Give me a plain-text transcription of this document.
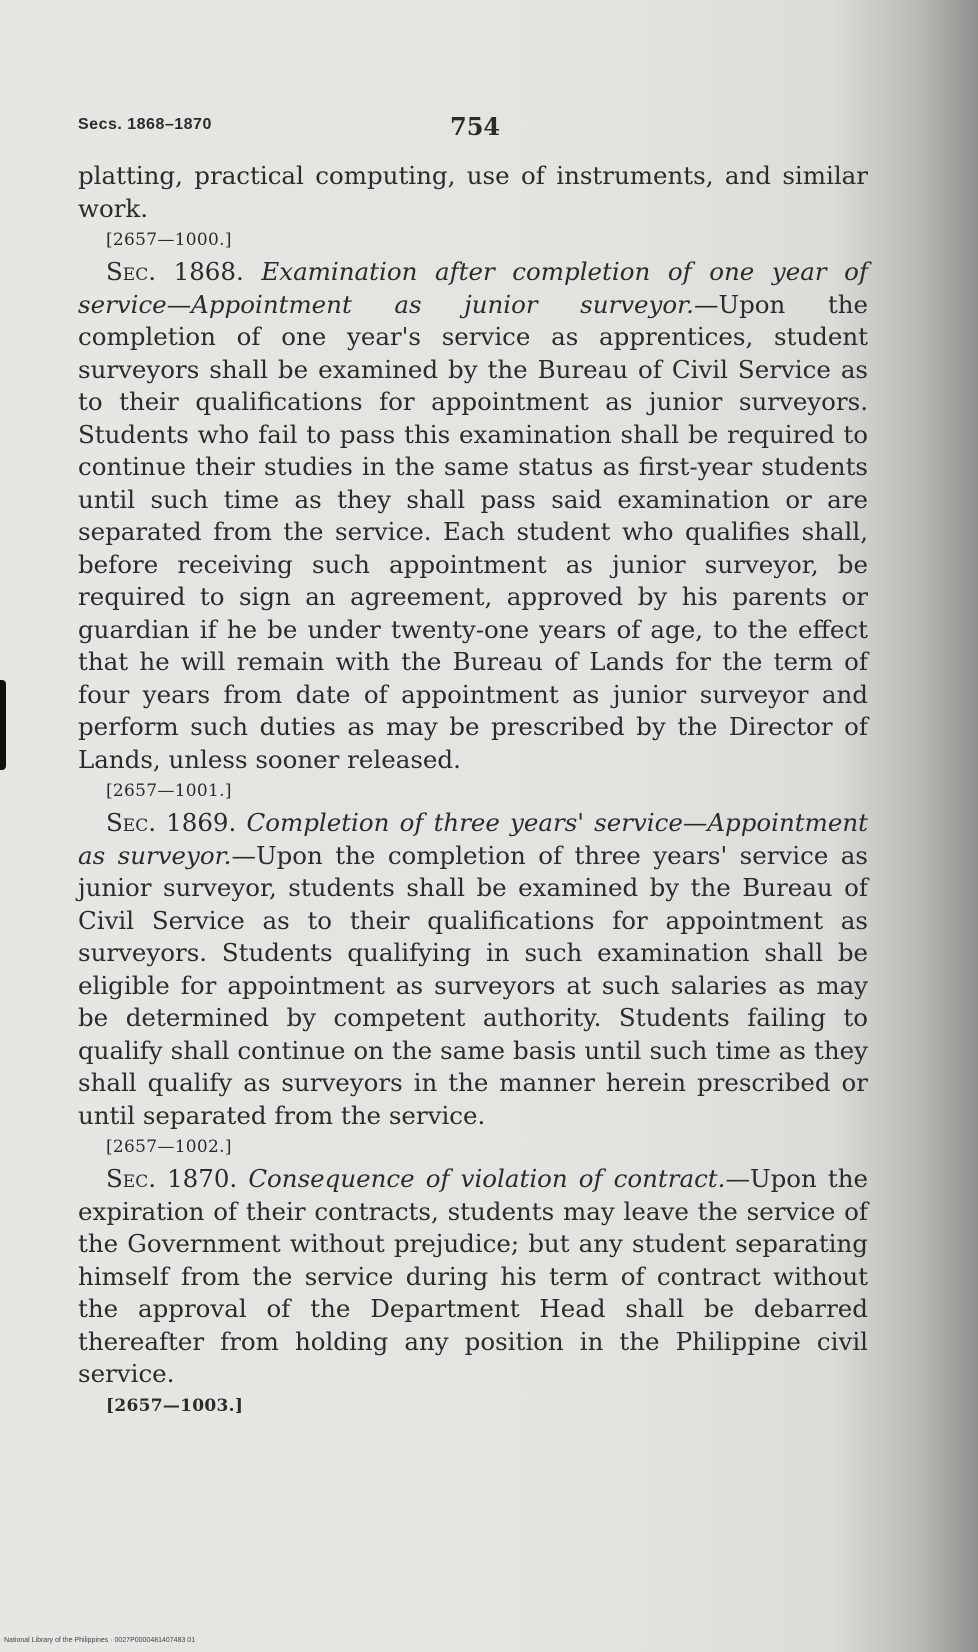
Secs. 1868–1870	754

platting, practical computing, use of instruments, and similar work.

[2657—1000.]

Sec. 1868. Examination after completion of one year of service—Appointment as junior surveyor.—Upon the completion of one year's service as apprentices, student surveyors shall be examined by the Bureau of Civil Service as to their qualifications for appointment as junior surveyors. Students who fail to pass this examination shall be required to continue their studies in the same status as first-year students until such time as they shall pass said examination or are separated from the service. Each student who qualifies shall, before receiving such appointment as junior surveyor, be required to sign an agreement, approved by his parents or guardian if he be under twenty-one years of age, to the effect that he will remain with the Bureau of Lands for the term of four years from date of appointment as junior surveyor and perform such duties as may be prescribed by the Director of Lands, unless sooner released.

[2657—1001.]

Sec. 1869. Completion of three years' service—Appointment as surveyor.—Upon the completion of three years' service as junior surveyor, students shall be examined by the Bureau of Civil Service as to their qualifications for appointment as surveyors. Students qualifying in such examination shall be eligible for appointment as surveyors at such salaries as may be determined by competent authority. Students failing to qualify shall continue on the same basis until such time as they shall qualify as surveyors in the manner herein prescribed or until separated from the service.

[2657—1002.]

Sec. 1870. Consequence of violation of contract.—Upon the expiration of their contracts, students may leave the service of the Government without prejudice; but any student separating himself from the service during his term of contract without the approval of the Department Head shall be debarred thereafter from holding any position in the Philippine civil service.

[2657—1003.]

National Library of the Philippines · 0027P0000481407483 01
